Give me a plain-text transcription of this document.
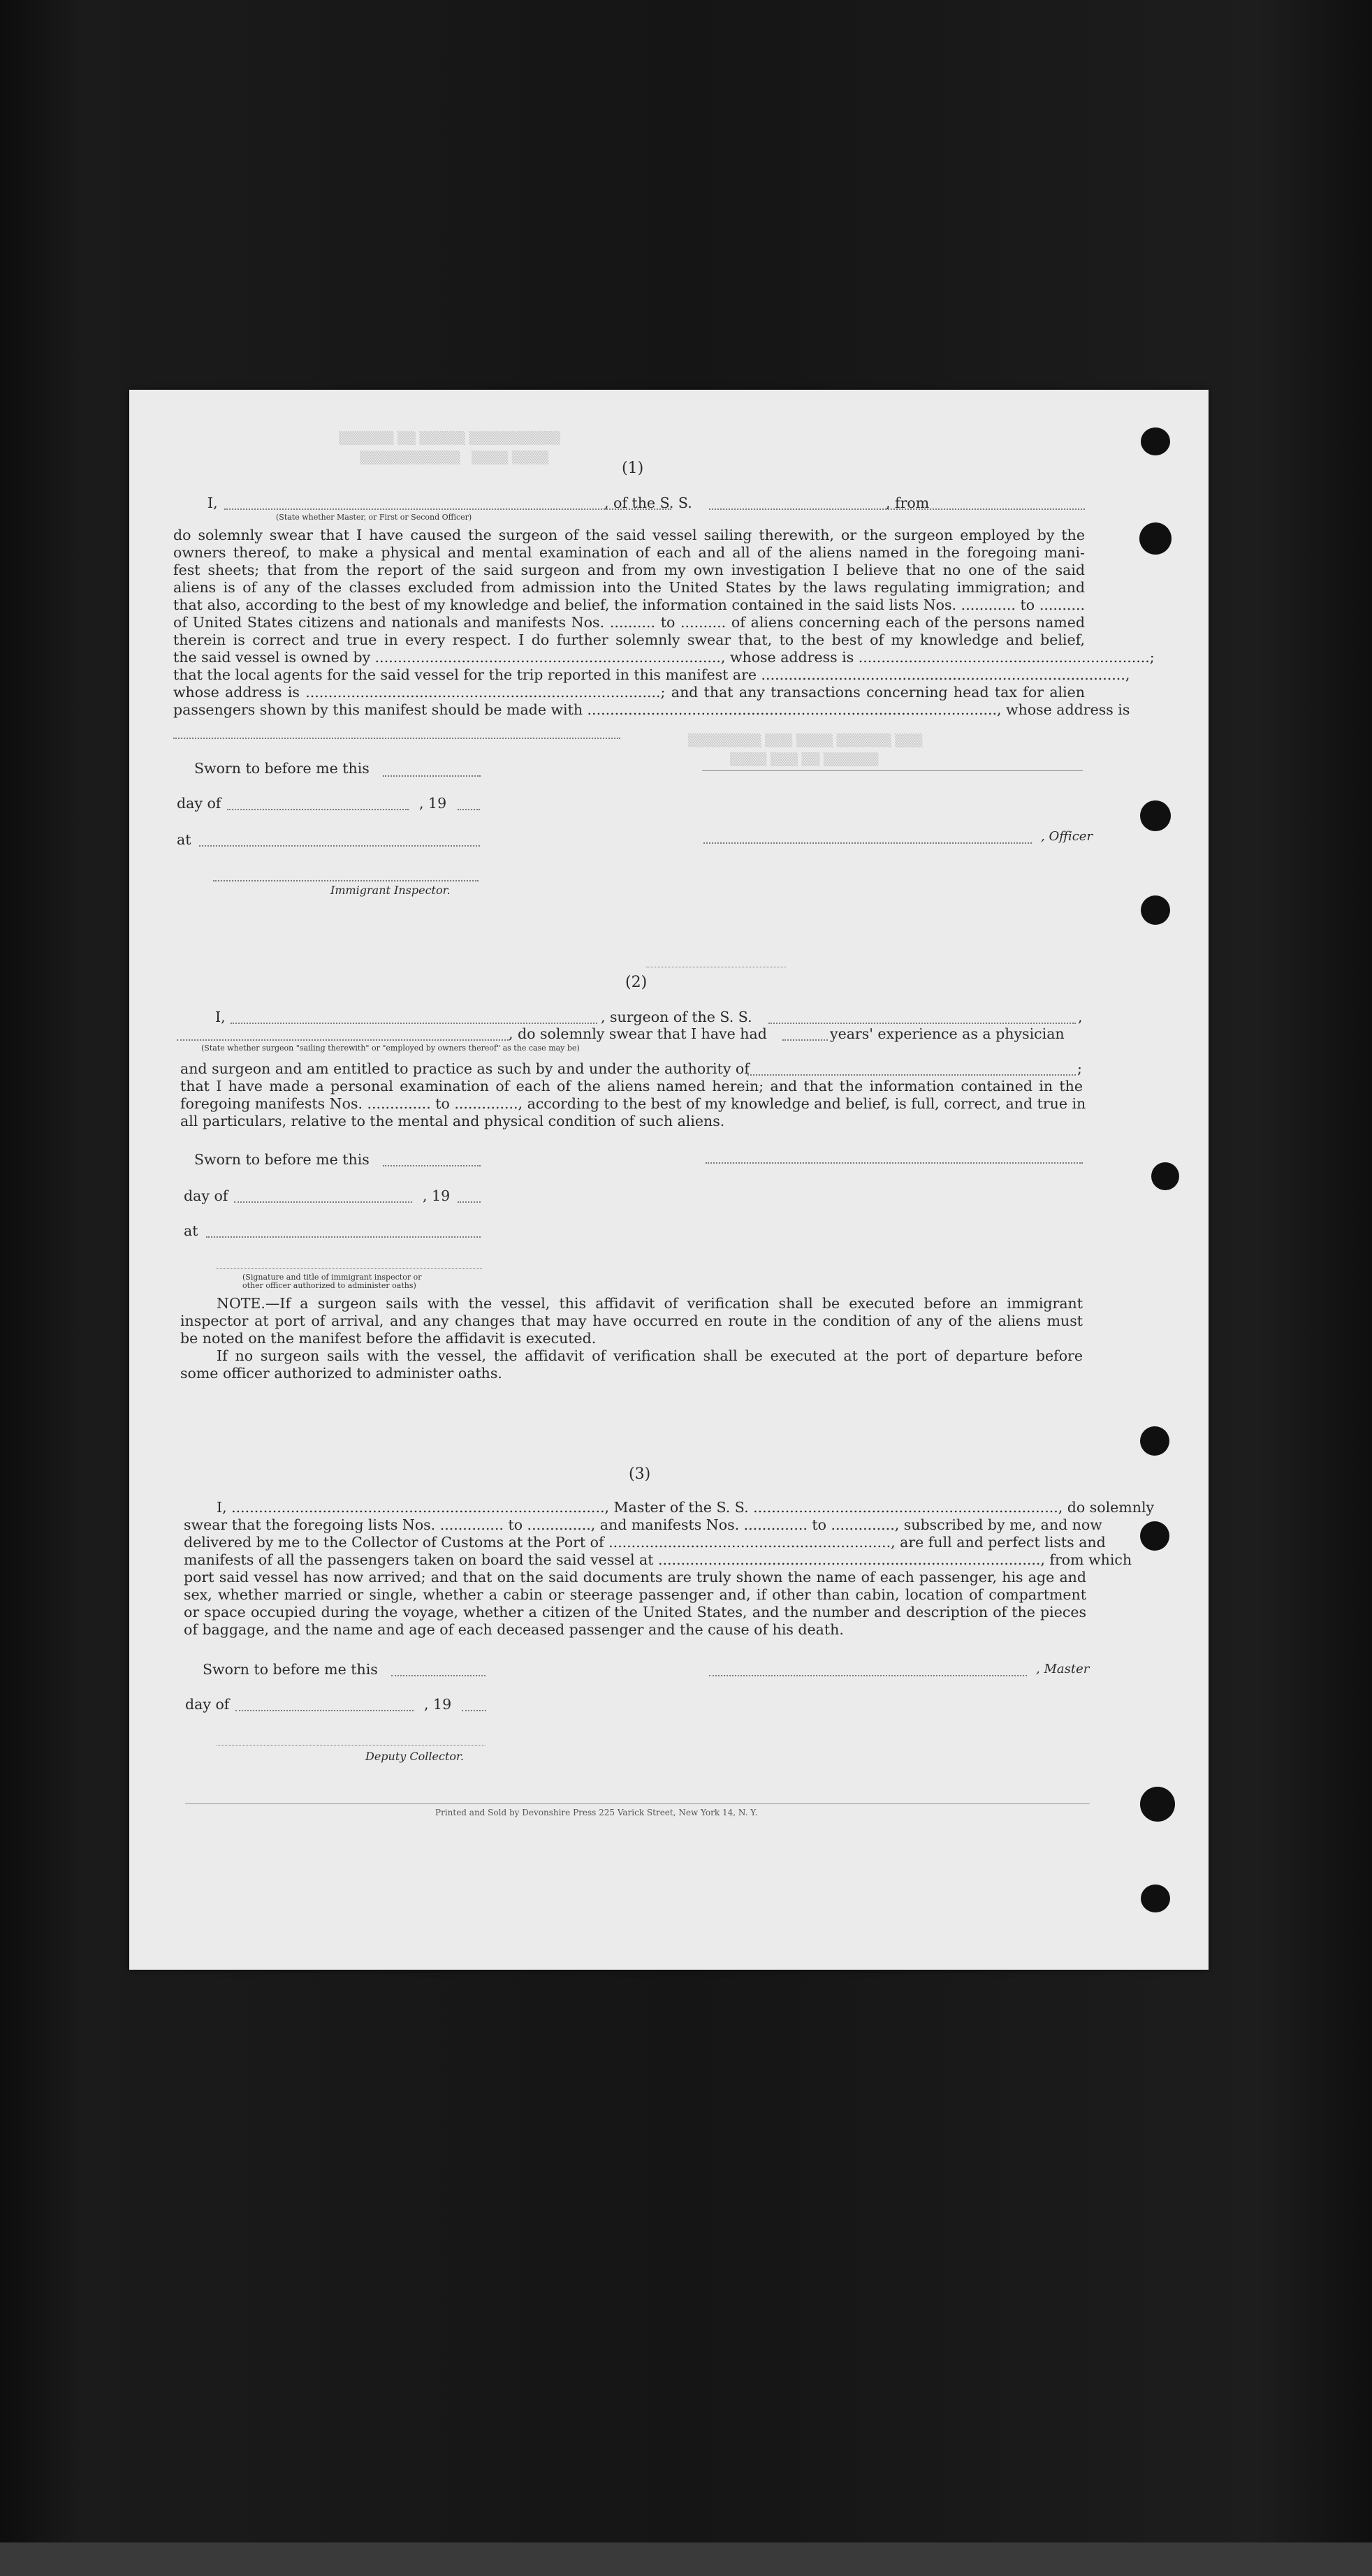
▒▒▒▒▒▒ ▒▒ ▒▒▒▒▒ ▒▒▒▒▒▒▒▒▒▒
▒▒▒▒▒▒▒▒▒▒▒   ▒▒▒▒ ▒▒▒▒
▒▒▒▒▒▒▒▒ ▒▒▒ ▒▒▒▒ ▒▒▒▒▒▒ ▒▒▒
▒▒▒▒ ▒▒▒ ▒▒ ▒▒▒▒▒▒
(1)
I,	, of the S. S.	, from
(State whether Master, or First or Second Officer)
do solemnly swear that I have caused the surgeon of the said vessel sailing therewith, or the surgeon employed by the
owners thereof, to make a physical and mental examination of each and all of the aliens named in the foregoing mani-
fest sheets; that from the report of the said surgeon and from my own investigation I believe that no one of the said
aliens is of any of the classes excluded from admission into the United States by the laws regulating immigration; and
that also, according to the best of my knowledge and belief, the information contained in the said lists Nos. ............ to ..........
of United States citizens and nationals and manifests Nos. .......... to .......... of aliens concerning each of the persons named
therein is correct and true in every respect. I do further solemnly swear that, to the best of my knowledge and belief,
the said vessel is owned by ............................................................................, whose address is ................................................................;
that the local agents for the said vessel for the trip reported in this manifest are ................................................................................,
whose address is ..............................................................................; and that any transactions concerning head tax for alien
passengers shown by this manifest should be made with .........................................................................................., whose address is
Sworn to before me this
day of	, 19
at	, Officer
Immigrant Inspector.
(2)
I,	, surgeon of the S. S.	,
, do solemnly swear that I have had	years' experience as a physician
(State whether surgeon "sailing therewith" or "employed by owners thereof" as the case may be)
and surgeon and am entitled to practice as such by and under the authority of	;
that I have made a personal examination of each of the aliens named herein; and that the information contained in the
foregoing manifests Nos. .............. to .............., according to the best of my knowledge and belief, is full, correct, and true in
all particulars, relative to the mental and physical condition of such aliens.
Sworn to before me this
day of	, 19
at
(Signature and title of immigrant inspector or
other officer authorized to administer oaths)
NOTE.—If a surgeon sails with the vessel, this affidavit of verification shall be executed before an immigrant
inspector at port of arrival, and any changes that may have occurred en route in the condition of any of the aliens must
be noted on the manifest before the affidavit is executed.
If no surgeon sails with the vessel, the affidavit of verification shall be executed at the port of departure before
some officer authorized to administer oaths.
(3)
I, .................................................................................., Master of the S. S. ..................................................................., do solemnly
swear that the foregoing lists Nos. .............. to .............., and manifests Nos. .............. to .............., subscribed by me, and now
delivered by me to the Collector of Customs at the Port of .............................................................., are full and perfect lists and
manifests of all the passengers taken on board the said vessel at ...................................................................................., from which
port said vessel has now arrived; and that on the said documents are truly shown the name of each passenger, his age and
sex, whether married or single, whether a cabin or steerage passenger and, if other than cabin, location of compartment
or space occupied during the voyage, whether a citizen of the United States, and the number and description of the pieces
of baggage, and the name and age of each deceased passenger and the cause of his death.
Sworn to before me this	, Master
day of	, 19
Deputy Collector.
Printed and Sold by Devonshire Press 225 Varick Street, New York 14, N. Y.
